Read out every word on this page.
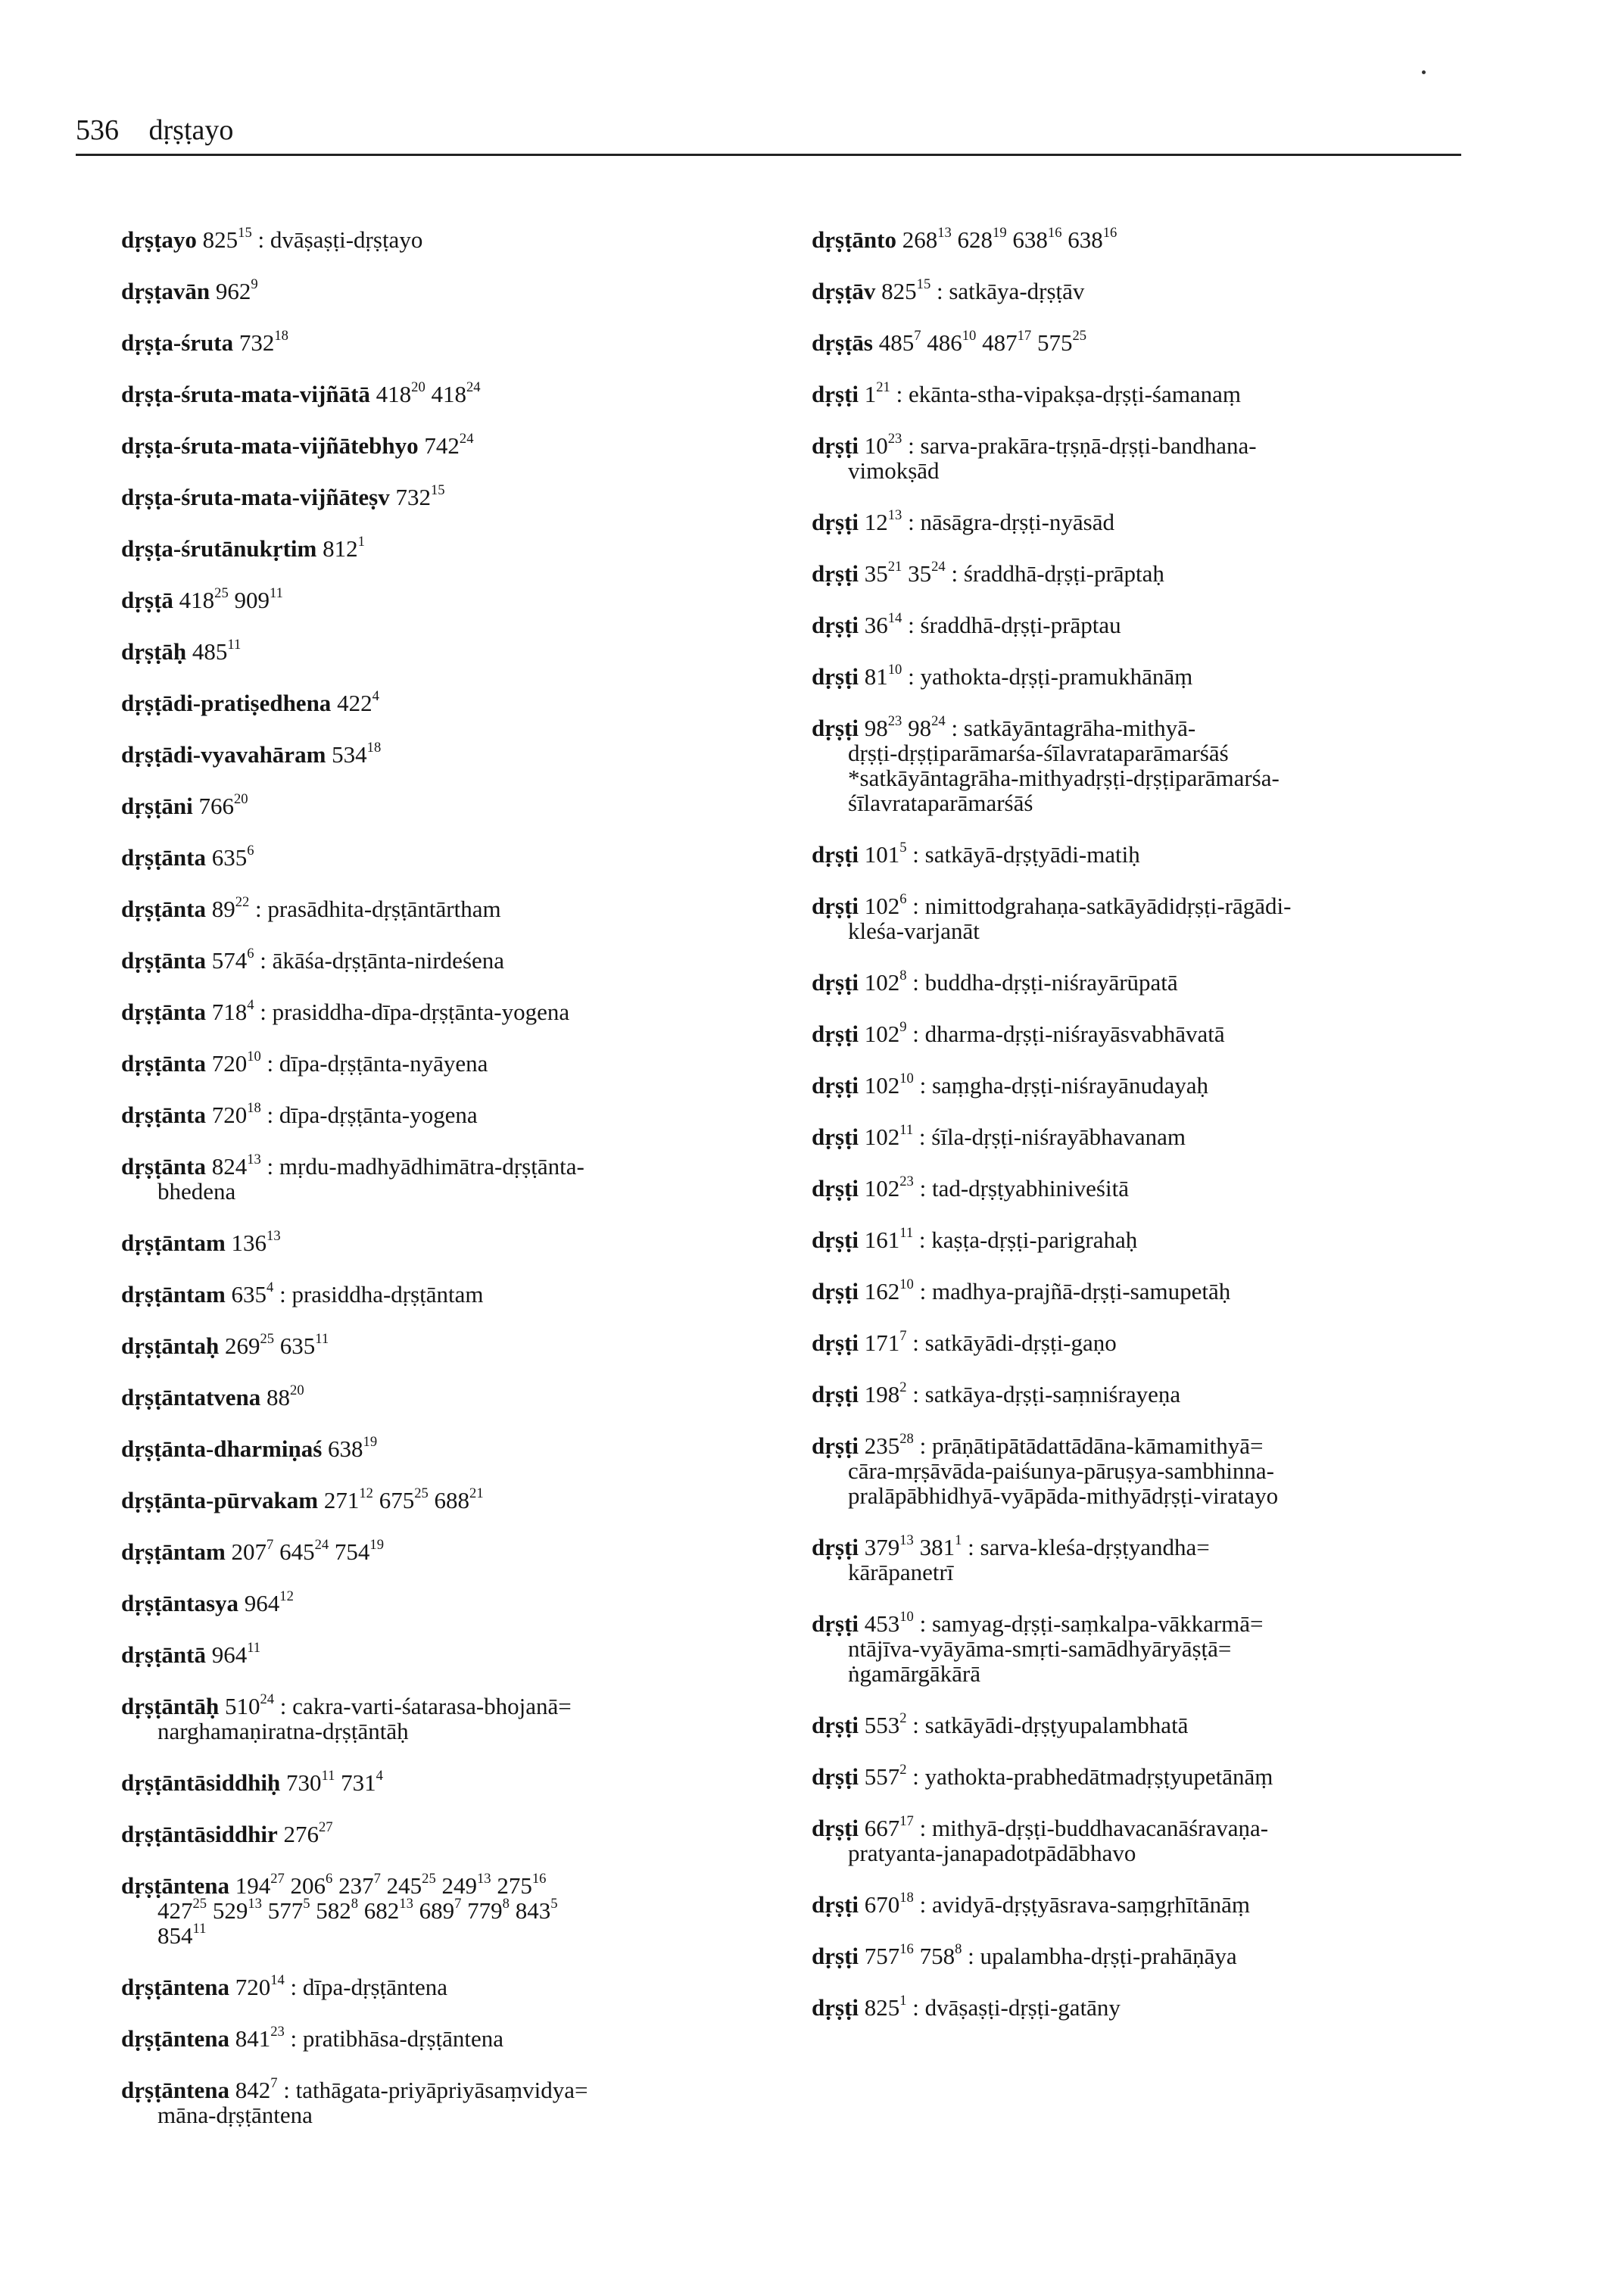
536 dṛṣṭayo
dṛṣṭayo $825^{15}$ : dvāṣaṣṭi-dṛṣṭayo
dṛṣṭavān $962^9$
dṛṣṭa-śruta $732^{18}$
dṛṣṭa-śruta-mata-vijñātā $418^{20}$ $418^{24}$
dṛṣṭa-śruta-mata-vijñātebhyo $742^{24}$
dṛṣṭa-śruta-mata-vijñāteṣv $732^{15}$
dṛṣṭa-śrutānukṛtim $812^1$
dṛṣṭā $418^{25}$ $909^{11}$
dṛṣṭāḥ $485^{11}$
dṛṣṭādi-pratiṣedhena $422^4$
dṛṣṭādi-vyavahāram $534^{18}$
dṛṣṭāni $766^{20}$
dṛṣṭānta $635^6$
dṛṣṭānta $89^{22}$ : prasādhita-dṛṣṭāntārtham
dṛṣṭānta $574^6$ : ākāśa-dṛṣṭānta-nirdeśena
dṛṣṭānta $718^4$ : prasiddha-dīpa-dṛṣṭānta-yogena
dṛṣṭānta $720^{10}$ : dīpa-dṛṣṭānta-nyāyena
dṛṣṭānta $720^{18}$ : dīpa-dṛṣṭānta-yogena
dṛṣṭānta $824^{13}$ : mṛdu-madhyādhimātra-dṛṣṭānta-
bhedena
dṛṣṭāntam $136^{13}$
dṛṣṭāntam $635^4$ : prasiddha-dṛṣṭāntam
dṛṣṭāntaḥ $269^{25}$ $635^{11}$
dṛṣṭāntatvena $88^{20}$
dṛṣṭānta-dharmiṇaś $638^{19}$
dṛṣṭānta-pūrvakam $271^{12}$ $675^{25}$ $688^{21}$
dṛṣṭāntam $207^7$ $645^{24}$ $754^{19}$
dṛṣṭāntasya $964^{12}$
dṛṣṭāntā $964^{11}$
dṛṣṭāntāḥ $510^{24}$ : cakra-varti-śatarasa-bhojanā=
narghamaṇiratna-dṛṣṭāntāḥ
dṛṣṭāntāsiddhiḥ $730^{11}$ $731^4$
dṛṣṭāntāsiddhir $276^{27}$
dṛṣṭāntena $194^{27}$ $206^6$ $237^7$ $245^{25}$ $249^{13}$ $275^{16}$
$427^{25}$ $529^{13}$ $577^5$ $582^8$ $682^{13}$ $689^7$ $779^8$ $843^5$
$854^{11}$
dṛṣṭāntena $720^{14}$ : dīpa-dṛṣṭāntena
dṛṣṭāntena $841^{23}$ : pratibhāsa-dṛṣṭāntena
dṛṣṭāntena $842^7$ : tathāgata-priyāpriyāsaṃvidya=
māna-dṛṣṭāntena
dṛṣṭānto $268^{13}$ $628^{19}$ $638^{16}$ $638^{16}$
dṛṣṭāv $825^{15}$ : satkāya-dṛṣṭāv
dṛṣṭās $485^7$ $486^{10}$ $487^{17}$ $575^{25}$
dṛṣṭi $1^{21}$ : ekānta-stha-vipakṣa-dṛṣṭi-śamanaṃ
dṛṣṭi $10^{23}$ : sarva-prakāra-tṛṣṇā-dṛṣṭi-bandhana-
vimokṣād
dṛṣṭi $12^{13}$ : nāsāgra-dṛṣṭi-nyāsād
dṛṣṭi $35^{21}$ $35^{24}$ : śraddhā-dṛṣṭi-prāptaḥ
dṛṣṭi $36^{14}$ : śraddhā-dṛṣṭi-prāptau
dṛṣṭi $81^{10}$ : yathokta-dṛṣṭi-pramukhānāṃ
dṛṣṭi $98^{23}$ $98^{24}$ : satkāyāntagrāha-mithyā-
dṛṣṭi-dṛṣṭiparāmarśa-śīlavrataparāmarśāś
*satkāyāntagrāha-mithyadṛṣṭi-dṛṣṭiparāmarśa-
śīlavrataparāmarśāś
dṛṣṭi $101^5$ : satkāyā-dṛṣṭyādi-matiḥ
dṛṣṭi $102^6$ : nimittodgrahaṇa-satkāyādidṛṣṭi-rāgādi-
kleśa-varjanāt
dṛṣṭi $102^8$ : buddha-dṛṣṭi-niśrayārūpatā
dṛṣṭi $102^9$ : dharma-dṛṣṭi-niśrayāsvabhāvatā
dṛṣṭi $102^{10}$ : saṃgha-dṛṣṭi-niśrayānudayaḥ
dṛṣṭi $102^{11}$ : śīla-dṛṣṭi-niśrayābhavanam
dṛṣṭi $102^{23}$ : tad-dṛṣṭyabhiniveśitā
dṛṣṭi $161^{11}$ : kaṣṭa-dṛṣṭi-parigrahaḥ
dṛṣṭi $162^{10}$ : madhya-prajñā-dṛṣṭi-samupetāḥ
dṛṣṭi $171^7$ : satkāyādi-dṛṣṭi-gaṇo
dṛṣṭi $198^2$ : satkāya-dṛṣṭi-saṃniśrayeṇa
dṛṣṭi $235^{28}$ : prāṇātipātādattādāna-kāmamithyā=
cāra-mṛṣāvāda-paiśunya-pāruṣya-sambhinna-
pralāpābhidhyā-vyāpāda-mithyādṛṣṭi-viratayo
dṛṣṭi $379^{13}$ $381^1$ : sarva-kleśa-dṛṣṭyandha=
kārāpanetrī
dṛṣṭi $453^{10}$ : samyag-dṛṣṭi-saṃkalpa-vākkarmā=
ntājīva-vyāyāma-smṛti-samādhyāryāṣṭā=
ṅgamārgākārā
dṛṣṭi $553^2$ : satkāyādi-dṛṣṭyupalambhatā
dṛṣṭi $557^2$ : yathokta-prabhedātmadṛṣṭyupetānāṃ
dṛṣṭi $667^{17}$ : mithyā-dṛṣṭi-buddhavacanāśravaṇa-
pratyanta-janapadotpādābhavo
dṛṣṭi $670^{18}$ : avidyā-dṛṣṭyāsrava-saṃgṛhītānāṃ
dṛṣṭi $757^{16}$ $758^8$ : upalambha-dṛṣṭi-prahāṇāya
dṛṣṭi $825^1$ : dvāṣaṣṭi-dṛṣṭi-gatāny
